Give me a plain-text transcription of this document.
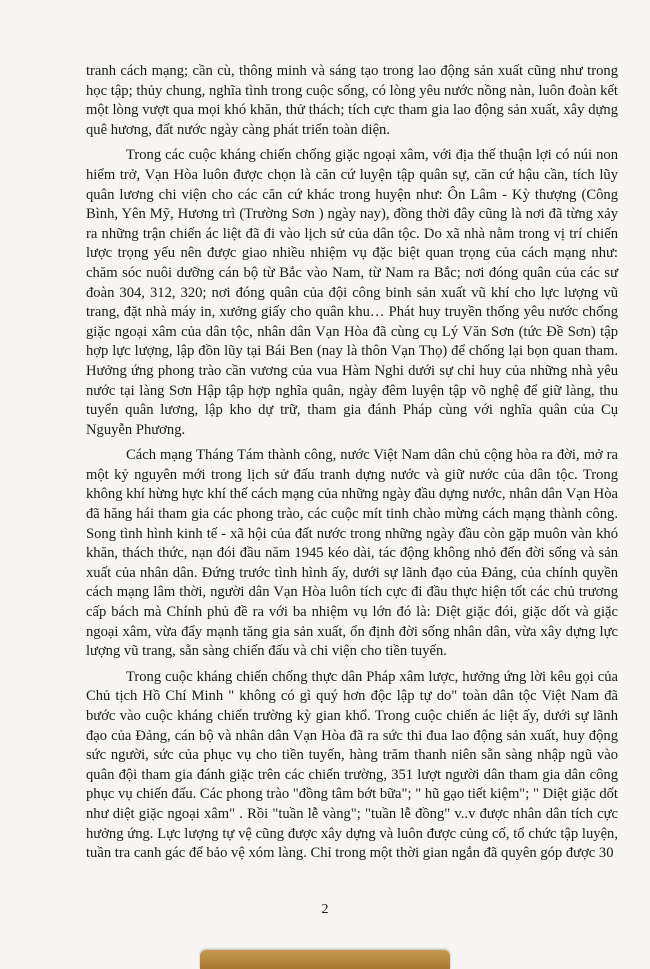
tranh cách mạng; cần cù, thông minh và sáng tạo trong lao động sản xuất cũng như trong học tập; thủy chung, nghĩa tình trong cuộc sống, có lòng yêu nước nồng nàn, luôn đoàn kết một lòng vượt qua mọi khó khăn, thử thách; tích cực tham gia lao động sản xuất, xây dựng quê hương, đất nước ngày càng phát triển toàn diện.

Trong các cuộc kháng chiến chống giặc ngoại xâm, với địa thế thuận lợi có núi non hiểm trở, Vạn Hòa luôn được chọn là căn cứ luyện tập quân sự, căn cứ hậu cần, tích lũy quân lương chi viện cho các căn cứ khác trong huyện như: Ôn Lâm - Kỳ thượng (Công Bình, Yên Mỹ, Hương trì (Trường Sơn ) ngày nay), đồng thời đây cũng là nơi đã từng xảy ra những trận chiến ác liệt đã đi vào lịch sử của dân tộc. Do xã nhà nằm trong vị trí chiến lược trọng yếu nên được giao nhiều nhiệm vụ đặc biệt quan trọng của cách mạng như: chăm sóc nuôi dưỡng cán bộ từ Bắc vào Nam, từ Nam ra Bắc; nơi đóng quân của các sư đoàn 304, 312, 320; nơi đóng quân của đội công binh sản xuất vũ khí cho lực lượng vũ trang, đặt nhà máy in, xưởng giấy cho quân khu… Phát huy truyền thống yêu nước chống giặc ngoại xâm của dân tộc, nhân dân Vạn Hòa đã cùng cụ Lý Văn Sơn (tức Đề Sơn) tập hợp lực lượng, lập đồn lũy tại Bái Ben (nay là thôn Vạn Thọ) để chống lại bọn quan tham. Hưởng ứng phong trào cần vương của vua Hàm Nghi dưới sự chỉ huy của những nhà yêu nước tại làng Sơn Hập tập hợp nghĩa quân, ngày đêm luyện tập võ nghệ để giữ làng, thu tuyển quân lương, lập kho dự trữ, tham gia đánh Pháp cùng với nghĩa quân của Cụ Nguyễn Phương.

Cách mạng Tháng Tám thành công, nước Việt Nam dân chủ cộng hòa ra đời, mở ra một kỷ nguyên mới trong lịch sử đấu tranh dựng nước và giữ nước của dân tộc. Trong không khí hừng hực khí thế cách mạng của những ngày đầu dựng nước, nhân dân Vạn Hòa đã hăng hái tham gia các phong trào, các cuộc mít tinh chào mừng cách mạng thành công. Song tình hình kinh tế - xã hội của đất nước trong những ngày đầu còn gặp muôn vàn khó khăn, thách thức, nạn đói đầu năm 1945 kéo dài, tác động không nhỏ đến đời sống và sản xuất của nhân dân. Đứng trước tình hình ấy, dưới sự lãnh đạo của Đảng, của chính quyền cách mạng lâm thời, người dân Vạn Hòa luôn tích cực đi đầu thực hiện tốt các chủ trương cấp bách mà Chính phủ đề ra với ba nhiệm vụ lớn đó là: Diệt giặc đói, giặc dốt và giặc ngoại xâm, vừa đẩy mạnh tăng gia sản xuất, ổn định đời sống nhân dân, vừa xây dựng lực lượng vũ trang, sẵn sàng chiến đấu và chi viện cho tiền tuyến.

Trong cuộc kháng chiến chống thực dân Pháp xâm lược, hưởng ứng lời kêu gọi của Chủ tịch Hồ Chí Minh " không có gì quý hơn độc lập tự do" toàn dân tộc Việt Nam đã bước vào cuộc kháng chiến trường kỳ gian khổ. Trong cuộc chiến ác liệt ấy, dưới sự lãnh đạo của Đảng, cán bộ và nhân dân Vạn Hòa đã ra sức thi đua lao động sản xuất, huy động sức người, sức của phục vụ cho tiền tuyến, hàng trăm thanh niên sẵn sàng nhập ngũ vào quân đội tham gia đánh giặc trên các chiến trường, 351 lượt người dân tham gia dân công phục vụ chiến đấu. Các phong trào "đồng tâm bớt bữa"; " hũ gạo tiết kiệm"; " Diệt giặc dốt như diệt giặc ngoại xâm" . Rồi "tuần lễ vàng"; "tuần lễ đồng" v..v được nhân dân tích cực hưởng ứng. Lực lượng tự vệ cũng được xây dựng và luôn được củng cố, tổ chức tập luyện, tuần tra canh gác để bảo vệ xóm làng. Chỉ trong một thời gian ngắn đã quyên góp được 30

2
